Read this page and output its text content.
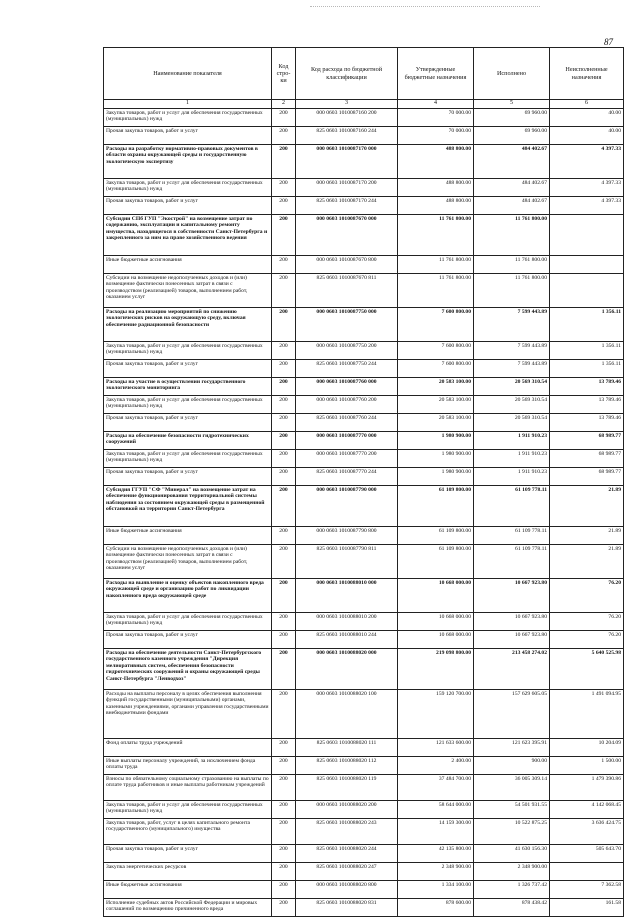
87
Наименование показателя	Код стро-ки	Код расхода по бюджетной классификации	Утвержденные бюджетные назначения	Исполнено	Неисполненные назначения
1	2	3	4	5	6
Закупка товаров, работ и услуг для обеспечения государственных (муниципальных) нужд	200	000 0603 1010087160 200	70 000.00	69 960.00	40.00
Прочая закупка товаров, работ и услуг	200	825 0603 1010087160 244	70 000.00	69 960.00	40.00
Расходы на разработку нормативно-правовых документов в области охраны окружающей среды и государственную экологическую экспертизу	200	000 0603 1010087170 000	488 800.00	484 402.67	4 397.33
Закупка товаров, работ и услуг для обеспечения государственных (муниципальных) нужд	200	000 0603 1010087170 200	488 800.00	484 402.67	4 397.33
Прочая закупка товаров, работ и услуг	200	825 0603 1010087170 244	488 800.00	484 402.67	4 397.33
Субсидии СПб ГУП "Экострой" на возмещение затрат по содержанию, эксплуатации и капитальному ремонту имущества, находящегося в собственности Санкт-Петербурга и закрепленного за ним на праве хозяйственного ведения	200	000 0603 1010087670 000	11 761 800.00	11 761 800.00	
Иные бюджетные ассигнования	200	000 0603 1010087670 800	11 761 800.00	11 761 800.00	
Субсидии на возмещение недополученных доходов и (или) возмещение фактически понесенных затрат в связи с производством (реализацией) товаров, выполнением работ, оказанием услуг	200	825 0603 1010087670 811	11 761 800.00	11 761 800.00	
Расходы на реализацию мероприятий по снижению экологических рисков на окружающую среду, включая обеспечение радиационной безопасности	200	000 0603 1010087750 000	7 600 800.00	7 599 443.89	1 356.11
Закупка товаров, работ и услуг для обеспечения государственных (муниципальных) нужд	200	000 0603 1010087750 200	7 600 800.00	7 599 443.89	1 356.11
Прочая закупка товаров, работ и услуг	200	825 0603 1010087750 244	7 600 800.00	7 599 443.89	1 356.11
Расходы на участие в осуществлении государственного экологического мониторинга	200	000 0603 1010087760 000	20 583 100.00	20 569 310.54	13 789.46
Закупка товаров, работ и услуг для обеспечения государственных (муниципальных) нужд	200	000 0603 1010087760 200	20 583 100.00	20 569 310.54	13 789.46
Прочая закупка товаров, работ и услуг	200	825 0603 1010087760 244	20 583 100.00	20 569 310.54	13 789.46
Расходы на обеспечение безопасности гидротехнических сооружений	200	000 0603 1010087770 000	1 980 900.00	1 911 910.23	68 989.77
Закупка товаров, работ и услуг для обеспечения государственных (муниципальных) нужд	200	000 0603 1010087770 200	1 980 900.00	1 911 910.23	68 989.77
Прочая закупка товаров, работ и услуг	200	825 0603 1010087770 244	1 980 900.00	1 911 910.23	68 989.77
Субсидия ГГУП "СФ "Минерал" на возмещение затрат на обеспечение функционирования территориальной системы наблюдения за состоянием окружающей среды в размещенной обстановкой на территории Санкт-Петербурга	200	000 0603 1010087790 000	61 109 800.00	61 109 778.11	21.89
Иные бюджетные ассигнования	200	000 0603 1010087790 800	61 109 800.00	61 109 778.11	21.89
Субсидии на возмещение недополученных доходов и (или) возмещение фактически понесенных затрат в связи с производством (реализацией) товаров, выполнением работ, оказанием услуг	200	825 0603 1010087790 811	61 109 800.00	61 109 778.11	21.89
Расходы на выявление и оценку объектов накопленного вреда окружающей среде и организацию работ по ликвидации накопленного вреда окружающей среде	200	000 0603 1010088010 000	10 668 000.00	10 667 923.80	76.20
Закупка товаров, работ и услуг для обеспечения государственных (муниципальных) нужд	200	000 0603 1010088010 200	10 668 000.00	10 667 923.80	76.20
Прочая закупка товаров, работ и услуг	200	825 0603 1010088010 244	10 668 000.00	10 667 923.80	76.20
Расходы на обеспечение деятельности Санкт-Петербургского государственного казенного учреждения "Дирекция мелиоративных систем, обеспечения безопасности гидротехнических сооружений и охраны окружающей среды Санкт-Петербурга "Ленводхоз"	200	000 0603 1010088020 000	219 098 800.00	213 458 274.02	5 640 525.98
Расходы на выплаты персоналу в целях обеспечения выполнения функций государственными (муниципальными) органами, казенными учреждениями, органами управления государственными внебюджетными фондами	200	000 0603 1010088020 100	159 120 700.00	157 629 605.05	1 491 094.95
Фонд оплаты труда учреждений	200	825 0603 1010088020 111	121 633 600.00	121 623 395.91	10 204.09
Иные выплаты персоналу учреждений, за исключением фонда оплаты труда	200	825 0603 1010088020 112	2 400.00	900.00	1 500.00
Взносы по обязательному социальному страхованию на выплаты по оплате труда работников и иные выплаты работникам учреждений	200	825 0603 1010088020 119	37 484 700.00	36 005 309.14	1 479 390.86
Закупка товаров, работ и услуг для обеспечения государственных (муниципальных) нужд	200	000 0603 1010088020 200	58 644 000.00	54 501 931.55	4 142 068.45
Закупка товаров, работ, услуг в целях капитального ремонта государственного (муниципального) имущества	200	825 0603 1010088020 243	14 159 300.00	10 522 875.25	3 636 424.75
Прочая закупка товаров, работ и услуг	200	825 0603 1010088020 244	42 135 800.00	41 630 156.30	505 643.70
Закупка энергетических ресурсов	200	825 0603 1010088020 247	2 348 900.00	2 348 900.00	
Иные бюджетные ассигнования	200	000 0603 1010088020 800	1 334 100.00	1 326 737.42	7 362.58
Исполнение судебных актов Российской Федерации и мировых соглашений по возмещению причиненного вреда	200	825 0603 1010088020 831	878 600.00	878 438.42	161.58
